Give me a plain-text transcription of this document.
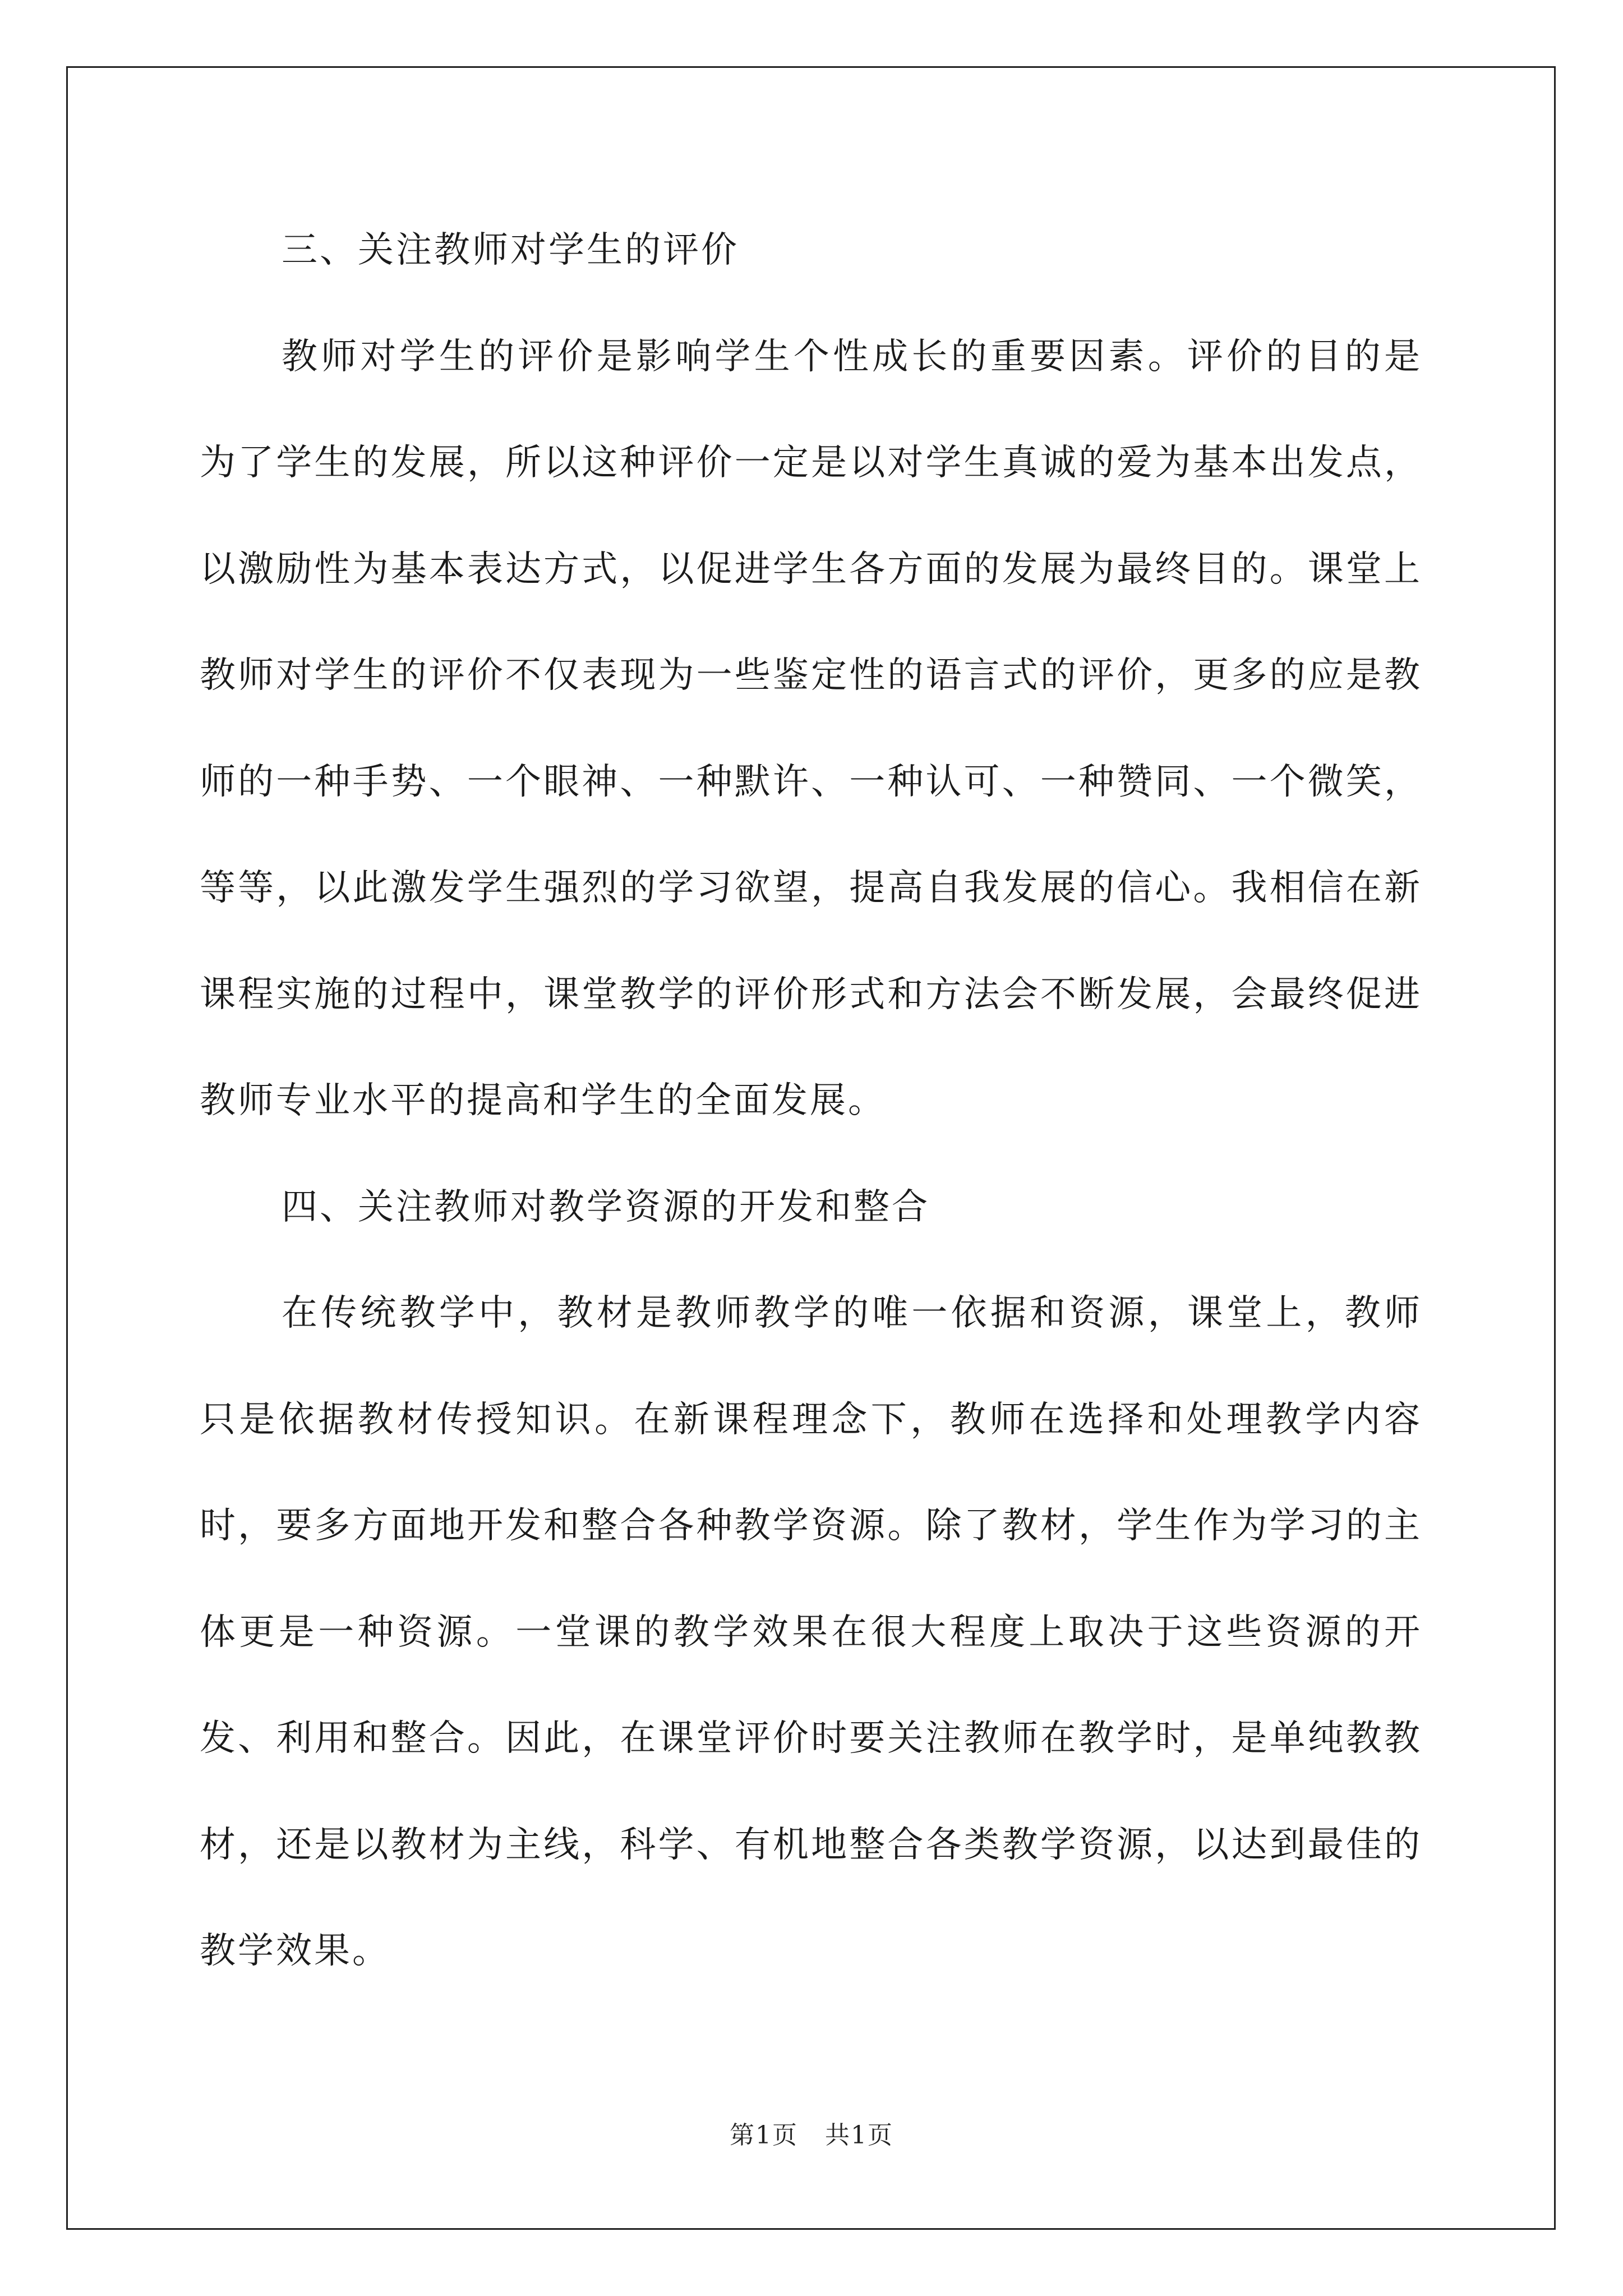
三、关注教师对学生的评价

教师对学生的评价是影响学生个性成长的重要因素。评价的目的是为了学生的发展，所以这种评价一定是以对学生真诚的爱为基本出发点，以激励性为基本表达方式，以促进学生各方面的发展为最终目的。课堂上教师对学生的评价不仅表现为一些鉴定性的语言式的评价，更多的应是教师的一种手势、一个眼神、一种默许、一种认可、一种赞同、一个微笑，等等，以此激发学生强烈的学习欲望，提高自我发展的信心。我相信在新课程实施的过程中，课堂教学的评价形式和方法会不断发展，会最终促进教师专业水平的提高和学生的全面发展。

四、关注教师对教学资源的开发和整合

在传统教学中，教材是教师教学的唯一依据和资源，课堂上，教师只是依据教材传授知识。在新课程理念下，教师在选择和处理教学内容时，要多方面地开发和整合各种教学资源。除了教材，学生作为学习的主体更是一种资源。一堂课的教学效果在很大程度上取决于这些资源的开发、利用和整合。因此，在课堂评价时要关注教师在教学时，是单纯教教材，还是以教材为主线，科学、有机地整合各类教学资源，以达到最佳的教学效果。

第1页   共1页
